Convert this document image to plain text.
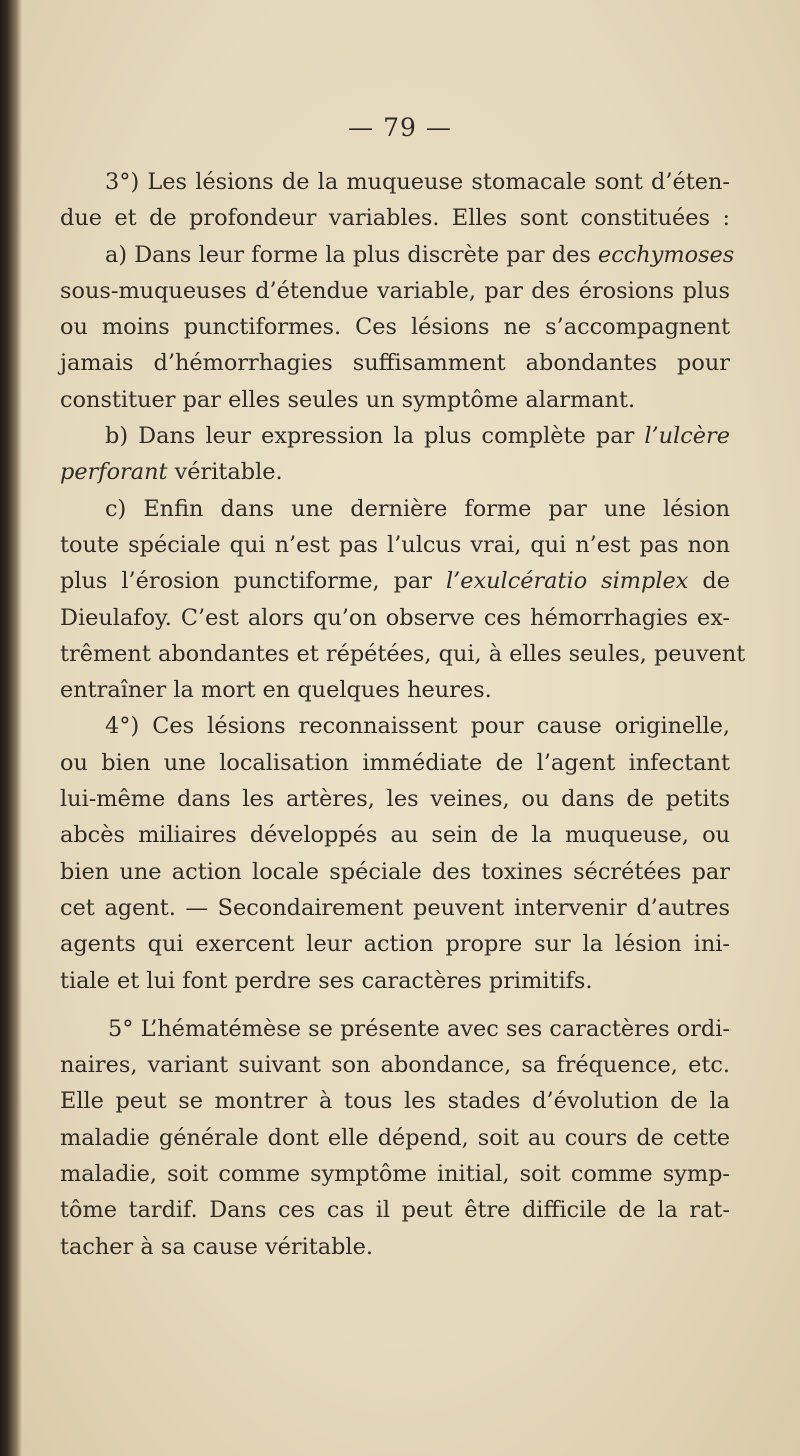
— 79 —
3°) Les lésions de la muqueuse stomacale sont d’éten-
due et de profondeur variables. Elles sont constituées :
a) Dans leur forme la plus discrète par des ecchymoses
sous-muqueuses d’étendue variable, par des érosions plus
ou moins punctiformes. Ces lésions ne s’accompagnent
jamais d’hémorrhagies suffisamment abondantes pour
constituer par elles seules un symptôme alarmant.
b) Dans leur expression la plus complète par l’ulcère
perforant véritable.
c) Enfin dans une dernière forme par une lésion
toute spéciale qui n’est pas l’ulcus vrai, qui n’est pas non
plus l’érosion punctiforme, par l’exulcératio simplex de
Dieulafoy. C’est alors qu’on observe ces hémorrhagies ex-
trêment abondantes et répétées, qui, à elles seules, peuvent
entraîner la mort en quelques heures.
4°) Ces lésions reconnaissent pour cause originelle,
ou bien une localisation immédiate de l’agent infectant
lui-même dans les artères, les veines, ou dans de petits
abcès miliaires développés au sein de la muqueuse, ou
bien une action locale spéciale des toxines sécrétées par
cet agent. — Secondairement peuvent intervenir d’autres
agents qui exercent leur action propre sur la lésion ini-
tiale et lui font perdre ses caractères primitifs.
5° L’hématémèse se présente avec ses caractères ordi-
naires, variant suivant son abondance, sa fréquence, etc.
Elle peut se montrer à tous les stades d’évolution de la
maladie générale dont elle dépend, soit au cours de cette
maladie, soit comme symptôme initial, soit comme symp-
tôme tardif. Dans ces cas il peut être difficile de la rat-
tacher à sa cause véritable.
